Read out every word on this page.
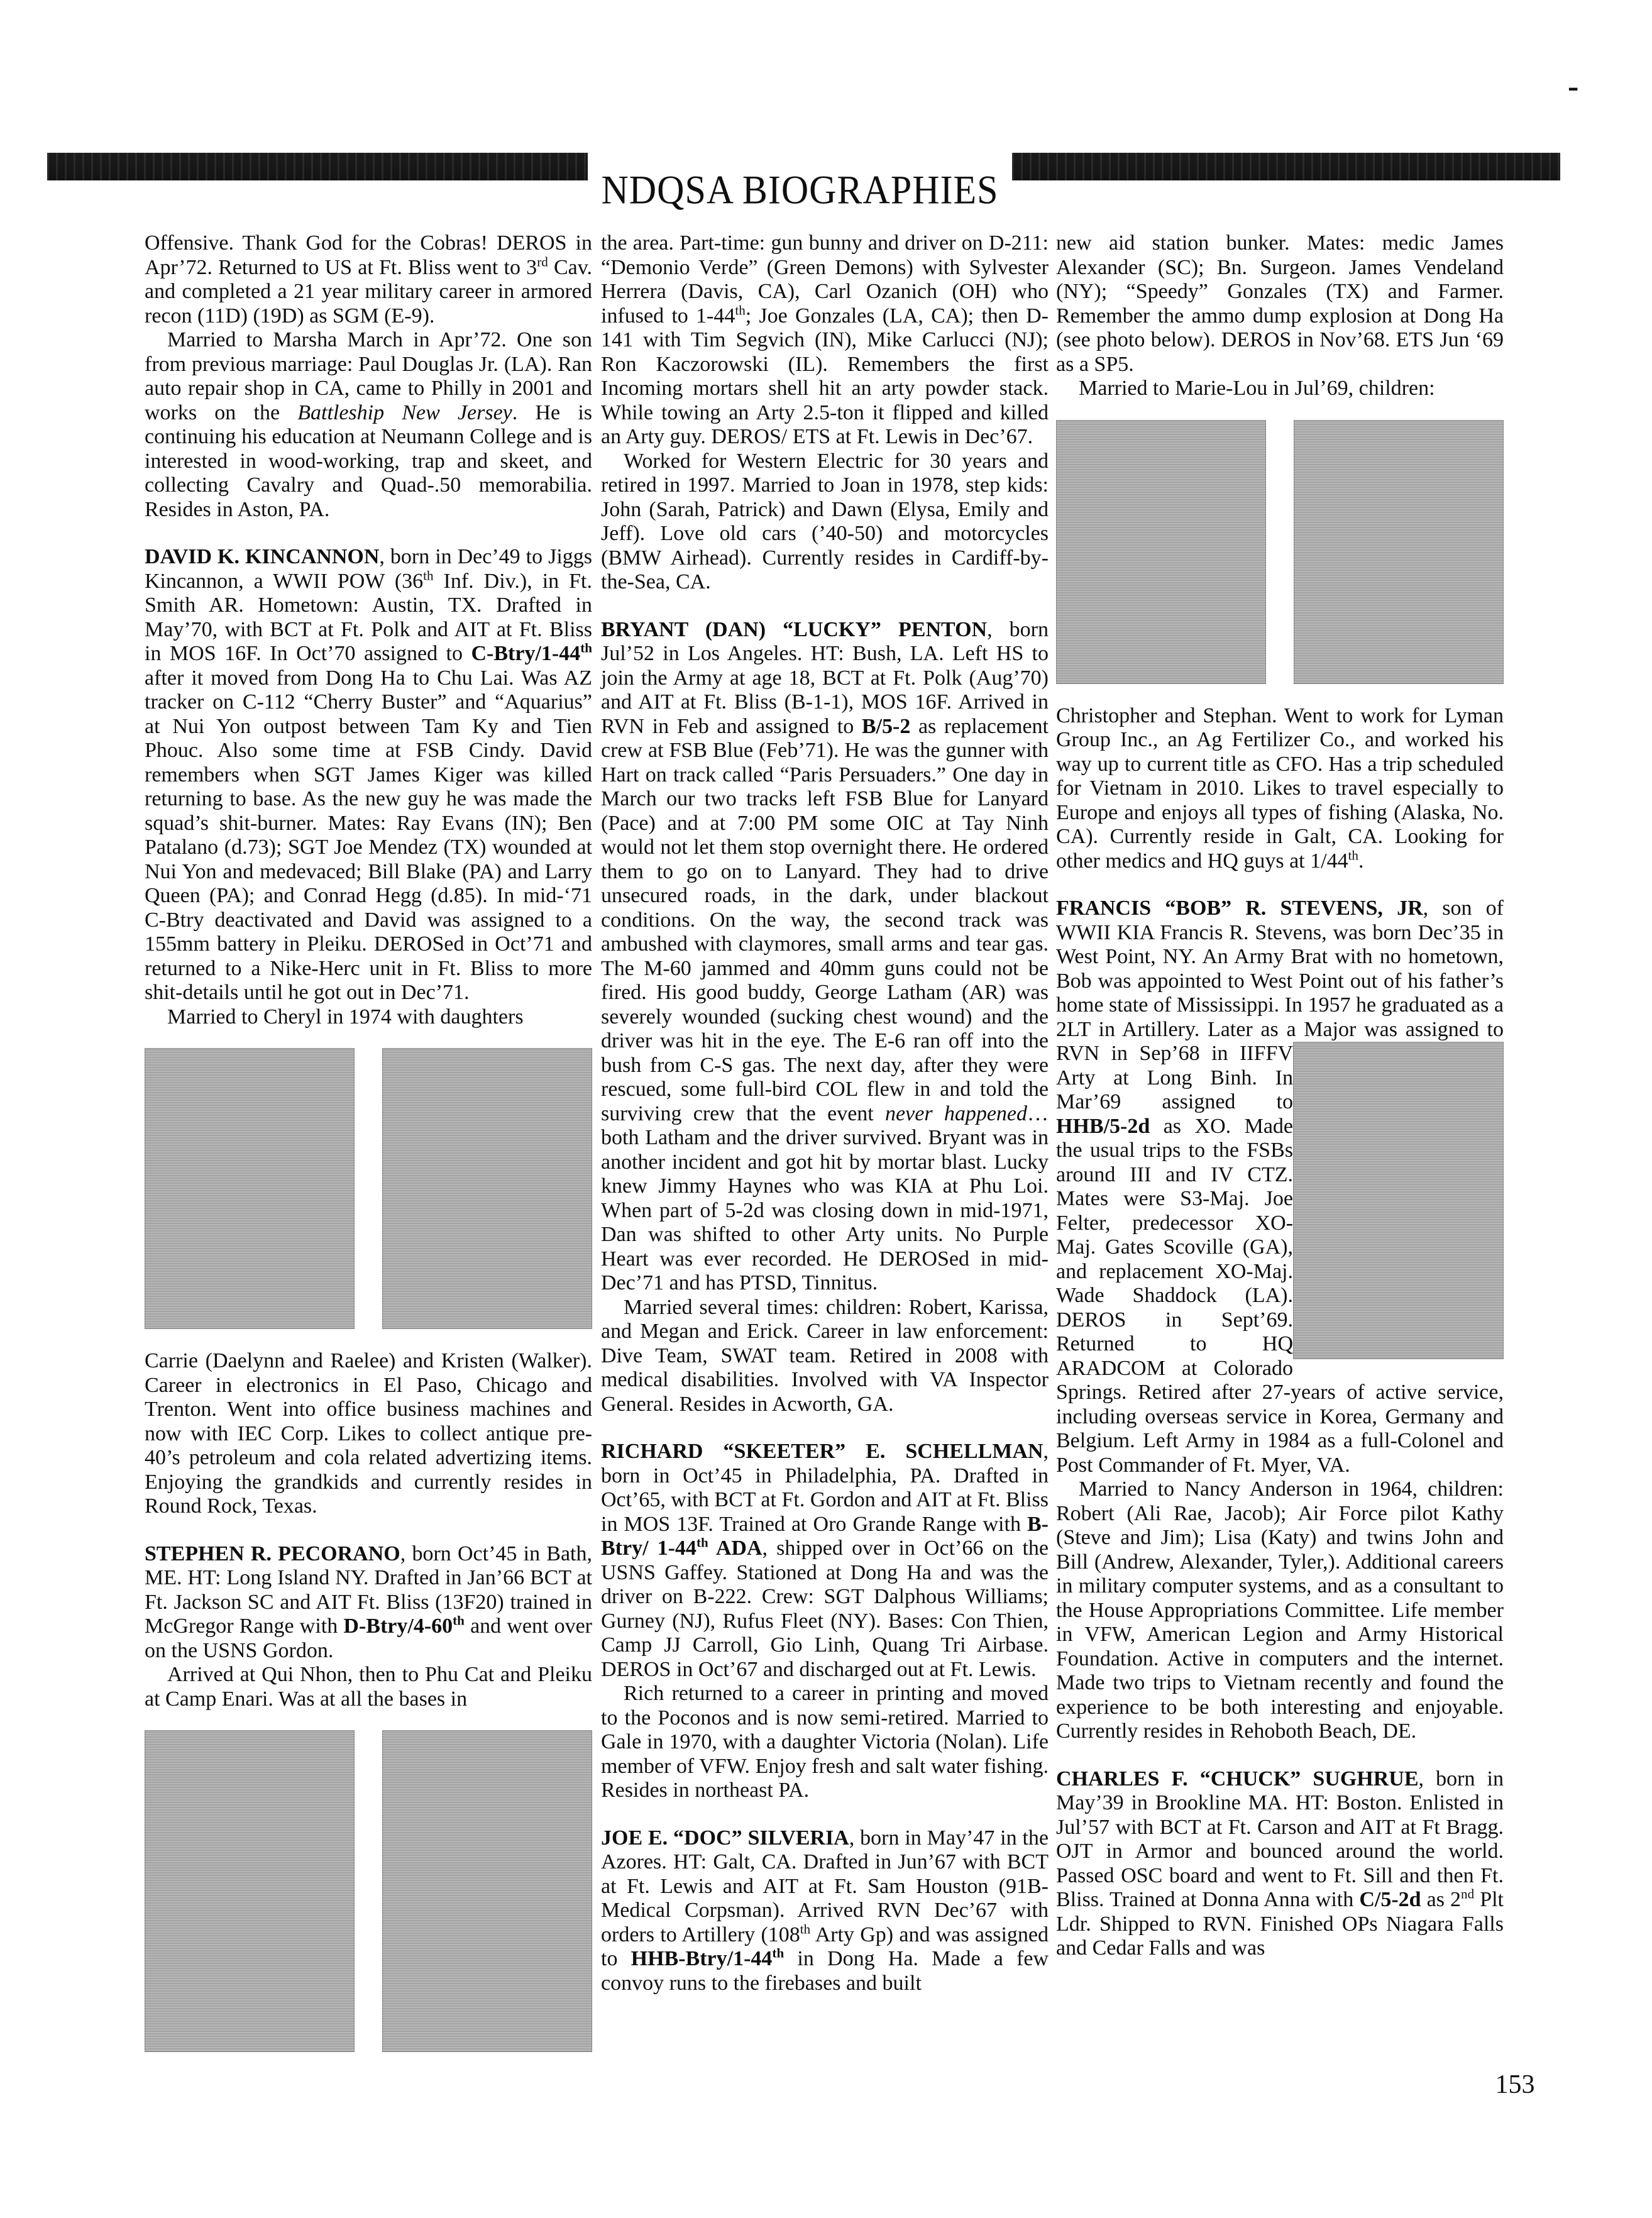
-
NDQSA BIOGRAPHIES

Offensive. Thank God for the Cobras! DEROS in Apr’72. Returned to US at Ft. Bliss went to 3rd Cav. and completed a 21 year military career in armored recon (11D) (19D) as SGM (E-9).

Married to Marsha March in Apr’72. One son from previous marriage: Paul Douglas Jr. (LA). Ran auto repair shop in CA, came to Philly in 2001 and works on the Battleship New Jersey. He is continuing his education at Neumann College and is interested in wood-working, trap and skeet, and collecting Cavalry and Quad-.50 memorabilia. Resides in Aston, PA.

DAVID K. KINCANNON, born in Dec’49 to Jiggs Kincannon, a WWII POW (36th Inf. Div.), in Ft. Smith AR. Hometown: Austin, TX. Drafted in May’70, with BCT at Ft. Polk and AIT at Ft. Bliss in MOS 16F. In Oct’70 assigned to C-Btry/1-44th after it moved from Dong Ha to Chu Lai. Was AZ tracker on C-112 “Cherry Buster” and “Aquarius” at Nui Yon outpost between Tam Ky and Tien Phouc. Also some time at FSB Cindy. David remembers when SGT James Kiger was killed returning to base. As the new guy he was made the squad’s shit-burner. Mates: Ray Evans (IN); Ben Patalano (d.73); SGT Joe Mendez (TX) wounded at Nui Yon and medevaced; Bill Blake (PA) and Larry Queen (PA); and Conrad Hegg (d.85). In mid-‘71 C-Btry deactivated and David was assigned to a 155mm battery in Pleiku. DEROSed in Oct’71 and returned to a Nike-Herc unit in Ft. Bliss to more shit-details until he got out in Dec’71.

Married to Cheryl in 1974 with daughters

Carrie (Daelynn and Raelee) and Kristen (Walker). Career in electronics in El Paso, Chicago and Trenton. Went into office business machines and now with IEC Corp. Likes to collect antique pre-40’s petroleum and cola related advertizing items. Enjoying the grandkids and currently resides in Round Rock, Texas.

STEPHEN R. PECORANO, born Oct’45 in Bath, ME. HT: Long Island NY. Drafted in Jan’66 BCT at Ft. Jackson SC and AIT Ft. Bliss (13F20) trained in McGregor Range with D-Btry/4-60th and went over on the USNS Gordon.

Arrived at Qui Nhon, then to Phu Cat and Pleiku at Camp Enari. Was at all the bases in

the area. Part-time: gun bunny and driver on D-211: “Demonio Verde” (Green Demons) with Sylvester Herrera (Davis, CA), Carl Ozanich (OH) who infused to 1-44th; Joe Gonzales (LA, CA); then D-141 with Tim Segvich (IN), Mike Carlucci (NJ); Ron Kaczorowski (IL). Remembers the first Incoming mortars shell hit an arty powder stack. While towing an Arty 2.5-ton it flipped and killed an Arty guy. DEROS/ ETS at Ft. Lewis in Dec’67.

Worked for Western Electric for 30 years and retired in 1997. Married to Joan in 1978, step kids: John (Sarah, Patrick) and Dawn (Elysa, Emily and Jeff). Love old cars (’40-50) and motorcycles (BMW Airhead). Currently resides in Cardiff-by-the-Sea, CA.

BRYANT (DAN) “LUCKY” PENTON, born Jul’52 in Los Angeles. HT: Bush, LA. Left HS to join the Army at age 18, BCT at Ft. Polk (Aug’70) and AIT at Ft. Bliss (B-1-1), MOS 16F. Arrived in RVN in Feb and assigned to B/5-2 as replacement crew at FSB Blue (Feb’71). He was the gunner with Hart on track called “Paris Persuaders.” One day in March our two tracks left FSB Blue for Lanyard (Pace) and at 7:00 PM some OIC at Tay Ninh would not let them stop overnight there. He ordered them to go on to Lanyard. They had to drive unsecured roads, in the dark, under blackout conditions. On the way, the second track was ambushed with claymores, small arms and tear gas. The M-60 jammed and 40mm guns could not be fired. His good buddy, George Latham (AR) was severely wounded (sucking chest wound) and the driver was hit in the eye. The E-6 ran off into the bush from C-S gas. The next day, after they were rescued, some full-bird COL flew in and told the surviving crew that the event never happened…both Latham and the driver survived. Bryant was in another incident and got hit by mortar blast. Lucky knew Jimmy Haynes who was KIA at Phu Loi. When part of 5-2d was closing down in mid-1971, Dan was shifted to other Arty units. No Purple Heart was ever recorded. He DEROSed in mid-Dec’71 and has PTSD, Tinnitus.

Married several times: children: Robert, Karissa, and Megan and Erick. Career in law enforcement: Dive Team, SWAT team. Retired in 2008 with medical disabilities. Involved with VA Inspector General. Resides in Acworth, GA.

RICHARD “SKEETER” E. SCHELLMAN, born in Oct’45 in Philadelphia, PA. Drafted in Oct’65, with BCT at Ft. Gordon and AIT at Ft. Bliss in MOS 13F. Trained at Oro Grande Range with B-Btry/ 1-44th ADA, shipped over in Oct’66 on the USNS Gaffey. Stationed at Dong Ha and was the driver on B-222. Crew: SGT Dalphous Williams; Gurney (NJ), Rufus Fleet (NY). Bases: Con Thien, Camp JJ Carroll, Gio Linh, Quang Tri Airbase. DEROS in Oct’67 and discharged out at Ft. Lewis.

Rich returned to a career in printing and moved to the Poconos and is now semi-retired. Married to Gale in 1970, with a daughter Victoria (Nolan). Life member of VFW. Enjoy fresh and salt water fishing. Resides in northeast PA.

JOE E. “DOC” SILVERIA, born in May’47 in the Azores. HT: Galt, CA. Drafted in Jun’67 with BCT at Ft. Lewis and AIT at Ft. Sam Houston (91B- Medical Corpsman). Arrived RVN Dec’67 with orders to Artillery (108th Arty Gp) and was assigned to HHB-Btry/1-44th in Dong Ha. Made a few convoy runs to the firebases and built

new aid station bunker. Mates: medic James Alexander (SC); Bn. Surgeon. James Vendeland (NY); “Speedy” Gonzales (TX) and Farmer. Remember the ammo dump explosion at Dong Ha (see photo below). DEROS in Nov’68. ETS Jun ‘69 as a SP5.

Married to Marie-Lou in Jul’69, children:

Christopher and Stephan. Went to work for Lyman Group Inc., an Ag Fertilizer Co., and worked his way up to current title as CFO. Has a trip scheduled for Vietnam in 2010. Likes to travel especially to Europe and enjoys all types of fishing (Alaska, No. CA). Currently reside in Galt, CA. Looking for other medics and HQ guys at 1/44th.

FRANCIS “BOB” R. STEVENS, JR, son of WWII KIA Francis R. Stevens, was born Dec’35 in West Point, NY. An Army Brat with no hometown, Bob was appointed to West Point out of his father’s home state of Mississippi. In 1957 he graduated as a 2LT in Artillery. Later as a Major was assigned to RVN in Sep’68 in IIFFV
Arty at Long Binh. In Mar’69 assigned to HHB/5-2d as XO. Made the usual trips to the FSBs around III and IV CTZ. Mates were S3-Maj. Joe Felter, predecessor XO-Maj. Gates Scoville (GA), and replacement XO-Maj. Wade Shaddock (LA). DEROS in Sept’69. Returned to HQ ARADCOM at Colorado Springs. Retired after 27-years of active service, including overseas service in Korea, Germany and Belgium. Left Army in 1984 as a full-Colonel and Post Commander of Ft. Myer, VA.

Married to Nancy Anderson in 1964, children: Robert (Ali Rae, Jacob); Air Force pilot Kathy (Steve and Jim); Lisa (Katy) and twins John and Bill (Andrew, Alexander, Tyler,). Additional careers in military computer systems, and as a consultant to the House Appropriations Committee. Life member in VFW, American Legion and Army Historical Foundation. Active in computers and the internet. Made two trips to Vietnam recently and found the experience to be both interesting and enjoyable. Currently resides in Rehoboth Beach, DE.

CHARLES F. “CHUCK” SUGHRUE, born in May’39 in Brookline MA. HT: Boston. Enlisted in Jul’57 with BCT at Ft. Carson and AIT at Ft Bragg. OJT in Armor and bounced around the world. Passed OSC board and went to Ft. Sill and then Ft. Bliss. Trained at Donna Anna with C/5-2d as 2nd Plt Ldr. Shipped to RVN. Finished OPs Niagara Falls and Cedar Falls and was

153
